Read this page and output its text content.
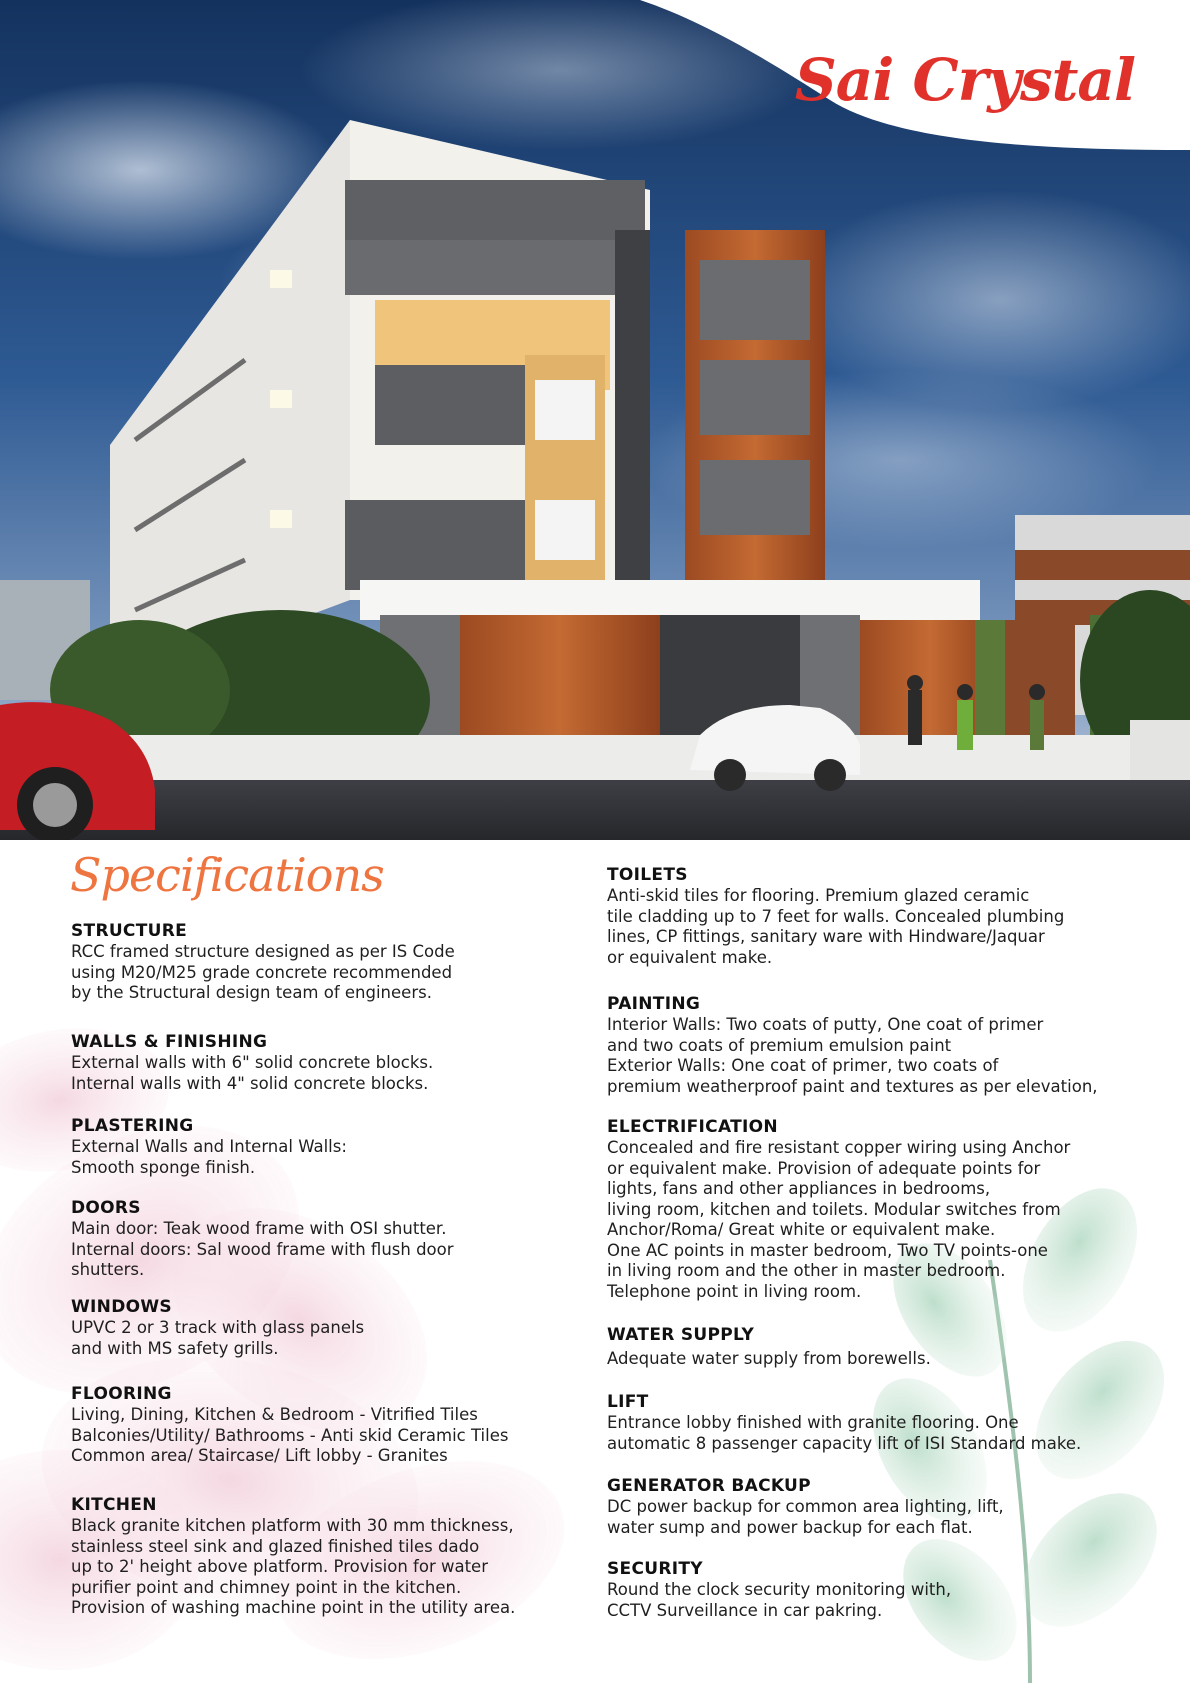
Sai Crystal
Specifications
STRUCTURE
RCC framed structure designed as per IS Code
using M20/M25 grade concrete recommended
by the Structural design team of engineers.
WALLS & FINISHING
External walls with 6" solid concrete blocks.
Internal walls with 4" solid concrete blocks.
PLASTERING
External Walls and Internal Walls:
Smooth sponge finish.
DOORS
Main door: Teak wood frame with OSI shutter.
Internal doors: Sal wood frame with flush door
shutters.
WINDOWS
UPVC 2 or 3 track with glass panels
and with MS safety grills.
FLOORING
Living, Dining, Kitchen & Bedroom - Vitrified Tiles
Balconies/Utility/ Bathrooms - Anti skid Ceramic Tiles
Common area/ Staircase/ Lift lobby - Granites
KITCHEN
Black granite kitchen platform with 30 mm thickness,
stainless steel sink and glazed finished tiles dado
up to 2' height above platform. Provision for water
purifier point and chimney point in the kitchen.
Provision of washing machine point in the utility area.
TOILETS
Anti-skid tiles for flooring. Premium glazed ceramic
tile cladding up to 7 feet for walls. Concealed plumbing
lines, CP fittings, sanitary ware with Hindware/Jaquar
or equivalent make.
PAINTING
Interior Walls: Two coats of putty, One coat of primer
and two coats of premium emulsion paint
Exterior Walls: One coat of primer, two coats of
premium weatherproof paint and textures as per elevation,
ELECTRIFICATION
Concealed and fire resistant copper wiring using Anchor
or equivalent make. Provision of adequate points for
lights, fans and other appliances in bedrooms,
living room, kitchen and toilets. Modular switches from
Anchor/Roma/ Great white or equivalent make.
One AC points in master bedroom, Two TV points-one
in living room and the other in master bedroom.
Telephone point in living room.
WATER SUPPLY
Adequate water supply from borewells.
LIFT
Entrance lobby finished with granite flooring. One
automatic 8 passenger capacity lift of ISI Standard make.
GENERATOR BACKUP
DC power backup for common area lighting, lift,
water sump and power backup for each flat.
SECURITY
Round the clock security monitoring with,
CCTV Surveillance in car pakring.
